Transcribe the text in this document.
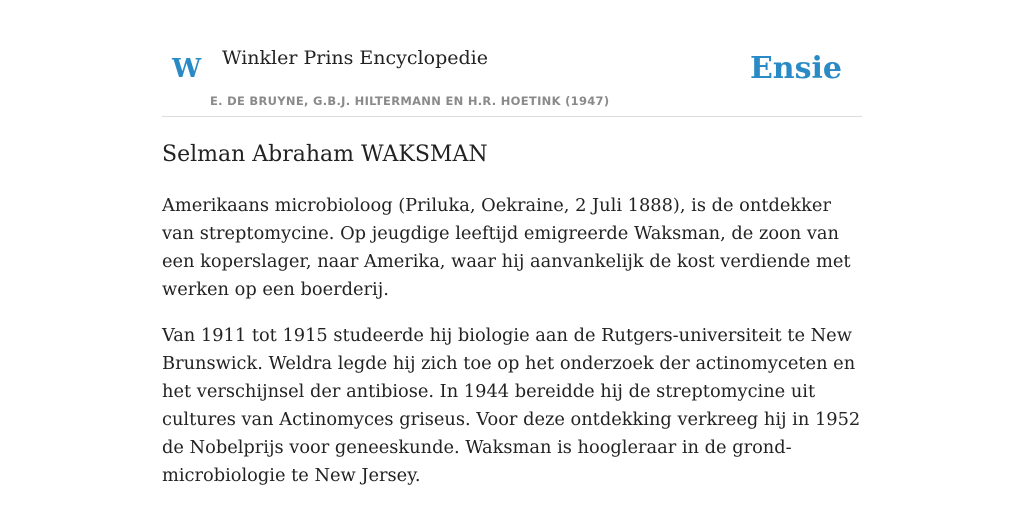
W Winkler Prins Encyclopedie
E. DE BRUYNE, G.B.J. HILTERMANN EN H.R. HOETINK (1947)
Ensie
Selman Abraham WAKSMAN

Amerikaans microbioloog (Priluka, Oekraine, 2 Juli 1888), is de ontdekker van streptomycine. Op jeugdige leeftijd emigreerde Waksman, de zoon van een koperslager, naar Amerika, waar hij aanvankelijk de kost verdiende met werken op een boerderij.

Van 1911 tot 1915 studeerde hij biologie aan de Rutgers-universiteit te New Brunswick. Weldra legde hij zich toe op het onderzoek der actinomyceten en het verschijnsel der antibiose. In 1944 bereidde hij de streptomycine uit cultures van Actinomyces griseus. Voor deze ontdekking verkreeg hij in 1952 de Nobelprijs voor geneeskunde. Waksman is hoogleraar in de grond-microbiologie te New Jersey.
